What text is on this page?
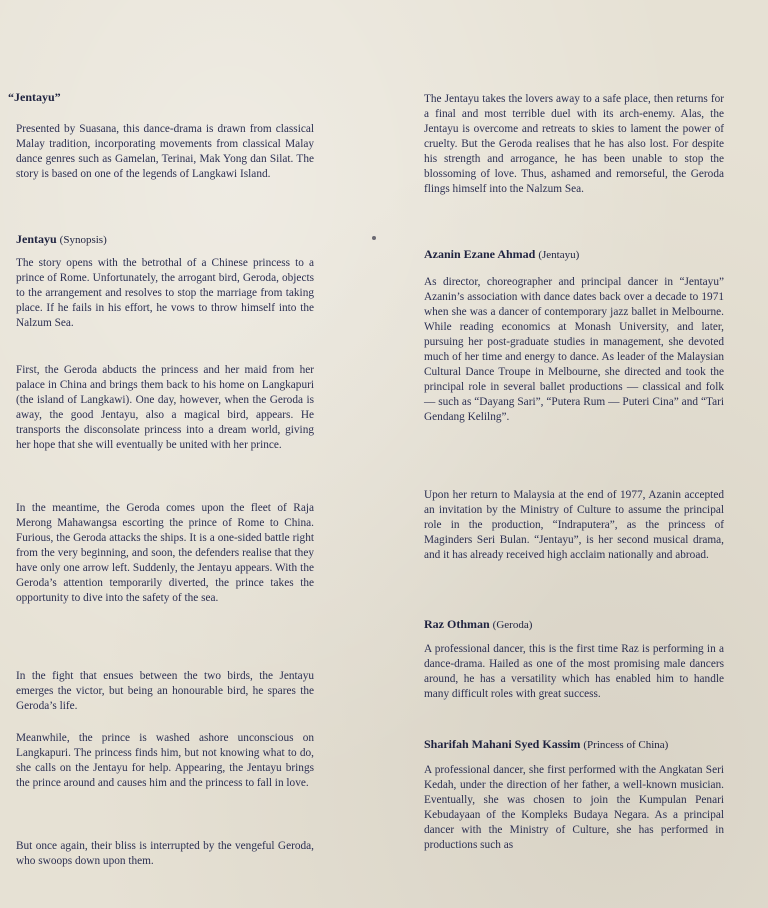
“Jentayu”
Presented by Suasana, this dance-drama is drawn from classical Malay tradition, incorporating movements from classical Malay dance genres such as Gamelan, Terinai, Mak Yong dan Silat. The story is based on one of the legends of Langkawi Island.
Jentayu (Synopsis)
The story opens with the betrothal of a Chinese princess to a prince of Rome. Unfortunately, the arrogant bird, Geroda, objects to the arrangement and resolves to stop the marriage from taking place. If he fails in his effort, he vows to throw himself into the Nalzum Sea.
First, the Geroda abducts the princess and her maid from her palace in China and brings them back to his home on Langkapuri (the island of Langkawi). One day, however, when the Geroda is away, the good Jentayu, also a magical bird, appears. He transports the disconsolate princess into a dream world, giving her hope that she will eventually be united with her prince.
In the meantime, the Geroda comes upon the fleet of Raja Merong Mahawangsa escorting the prince of Rome to China. Furious, the Geroda attacks the ships. It is a one-sided battle right from the very beginning, and soon, the defenders realise that they have only one arrow left. Suddenly, the Jentayu appears. With the Geroda’s attention temporarily diverted, the prince takes the opportunity to dive into the safety of the sea.
In the fight that ensues between the two birds, the Jentayu emerges the victor, but being an honourable bird, he spares the Geroda’s life.
Meanwhile, the prince is washed ashore unconscious on Langkapuri. The princess finds him, but not knowing what to do, she calls on the Jentayu for help. Appearing, the Jentayu brings the prince around and causes him and the princess to fall in love.
But once again, their bliss is interrupted by the vengeful Geroda, who swoops down upon them.
The Jentayu takes the lovers away to a safe place, then returns for a final and most terrible duel with its arch-enemy. Alas, the Jentayu is overcome and retreats to skies to lament the power of cruelty. But the Geroda realises that he has also lost. For despite his strength and arrogance, he has been unable to stop the blossoming of love. Thus, ashamed and remorseful, the Geroda flings himself into the Nalzum Sea.
Azanin Ezane Ahmad (Jentayu)
As director, choreographer and principal dancer in “Jentayu” Azanin’s association with dance dates back over a decade to 1971 when she was a dancer of contemporary jazz ballet in Melbourne. While reading economics at Monash University, and later, pursuing her post-graduate studies in management, she devoted much of her time and energy to dance. As leader of the Malaysian Cultural Dance Troupe in Melbourne, she directed and took the principal role in several ballet productions — classical and folk — such as “Dayang Sari”, “Putera Rum — Puteri Cina” and “Tari Gendang Kelilng”.
Upon her return to Malaysia at the end of 1977, Azanin accepted an invitation by the Ministry of Culture to assume the principal role in the production, “Indraputera”, as the princess of Maginders Seri Bulan. “Jentayu”, is her second musical drama, and it has already received high acclaim nationally and abroad.
Raz Othman (Geroda)
A professional dancer, this is the first time Raz is performing in a dance-drama. Hailed as one of the most promising male dancers around, he has a versatility which has enabled him to handle many difficult roles with great success.
Sharifah Mahani Syed Kassim (Princess of China)
A professional dancer, she first performed with the Angkatan Seri Kedah, under the direction of her father, a well-known musician. Eventually, she was chosen to join the Kumpulan Penari Kebudayaan of the Kompleks Budaya Negara. As a principal dancer with the Ministry of Culture, she has performed in productions such as
